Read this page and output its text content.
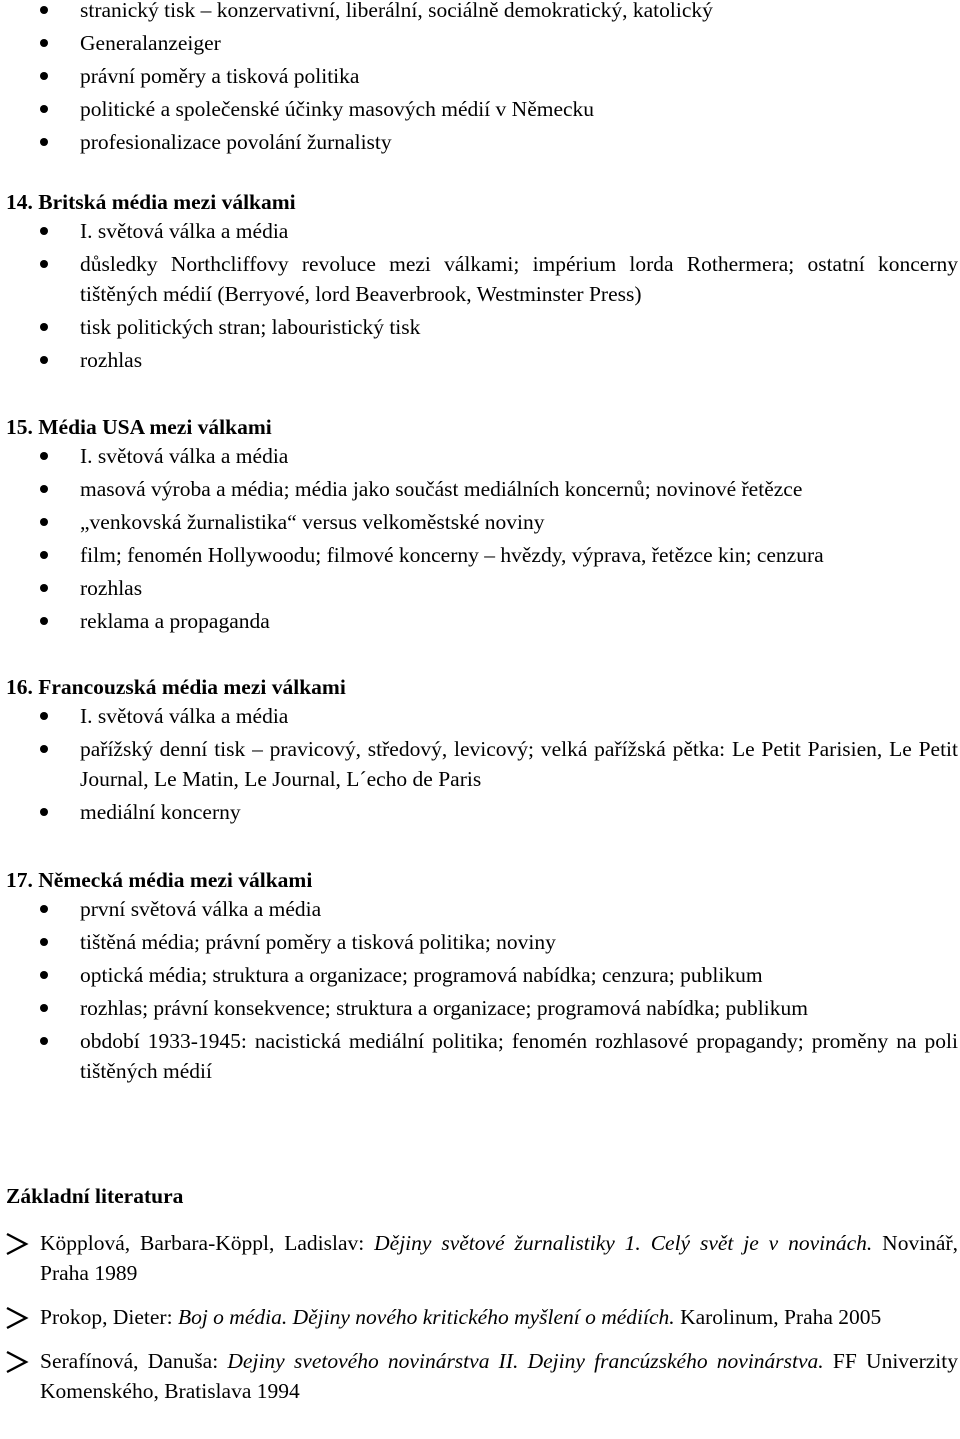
stranický tisk – konzervativní, liberální, sociálně demokratický, katolický
Generalanzeiger
právní poměry a tisková politika
politické a společenské účinky masových médií v Německu
profesionalizace povolání žurnalisty
14. Britská média mezi válkami
I. světová válka a média
důsledky Northcliffovy revoluce mezi válkami; impérium lorda Rothermera; ostatní koncerny tištěných médií (Berryové, lord Beaverbrook, Westminster Press)
tisk politických stran; labouristický tisk
rozhlas
15. Média USA mezi válkami
I. světová válka a média
masová výroba a média; média jako součást mediálních koncernů; novinové řetězce
„venkovská žurnalistika“ versus velkoměstské noviny
film; fenomén Hollywoodu; filmové koncerny – hvězdy, výprava, řetězce kin; cenzura
rozhlas
reklama a propaganda
16. Francouzská média mezi válkami
I. světová válka a média
pařížský denní tisk – pravicový, středový, levicový; velká pařížská pětka: Le Petit Parisien, Le Petit Journal, Le Matin, Le Journal, L´echo de Paris
mediální koncerny
17. Německá média mezi válkami
první světová válka a média
tištěná média; právní poměry a tisková politika; noviny
optická média; struktura a organizace; programová nabídka; cenzura; publikum
rozhlas; právní konsekvence; struktura a organizace; programová nabídka; publikum
období 1933-1945: nacistická mediální politika; fenomén rozhlasové propagandy; proměny na poli tištěných médií
Základní literatura
Köpplová, Barbara-Köppl, Ladislav: Dějiny světové žurnalistiky 1. Celý svět je v novinách. Novinář, Praha 1989
Prokop, Dieter: Boj o média. Dějiny nového kritického myšlení o médiích. Karolinum, Praha 2005
Serafínová, Danuša: Dejiny svetového novinárstva II. Dejiny francúzského novinárstva. FF Univerzity Komenského, Bratislava 1994
